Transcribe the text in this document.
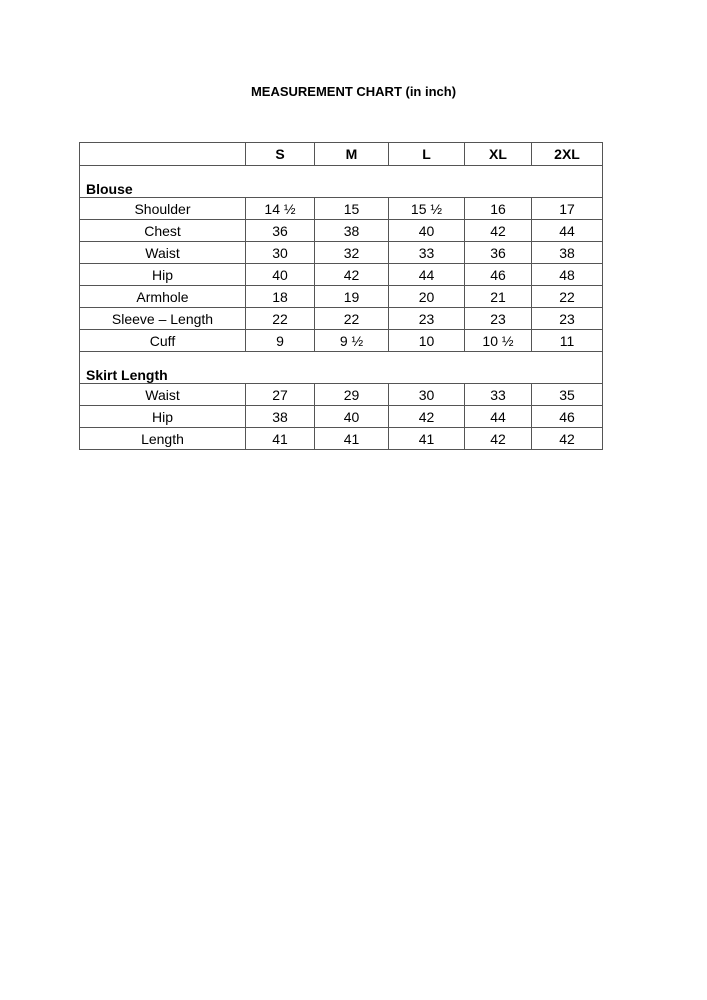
MEASUREMENT CHART (in inch)
	S	M	L	XL	2XL
Blouse					
Shoulder	14 ½	15	15 ½	16	17
Chest	36	38	40	42	44
Waist	30	32	33	36	38
Hip	40	42	44	46	48
Armhole	18	19	20	21	22
Sleeve – Length	22	22	23	23	23
Cuff	9	9 ½	10	10 ½	11
Skirt Length					
Waist	27	29	30	33	35
Hip	38	40	42	44	46
Length	41	41	41	42	42
